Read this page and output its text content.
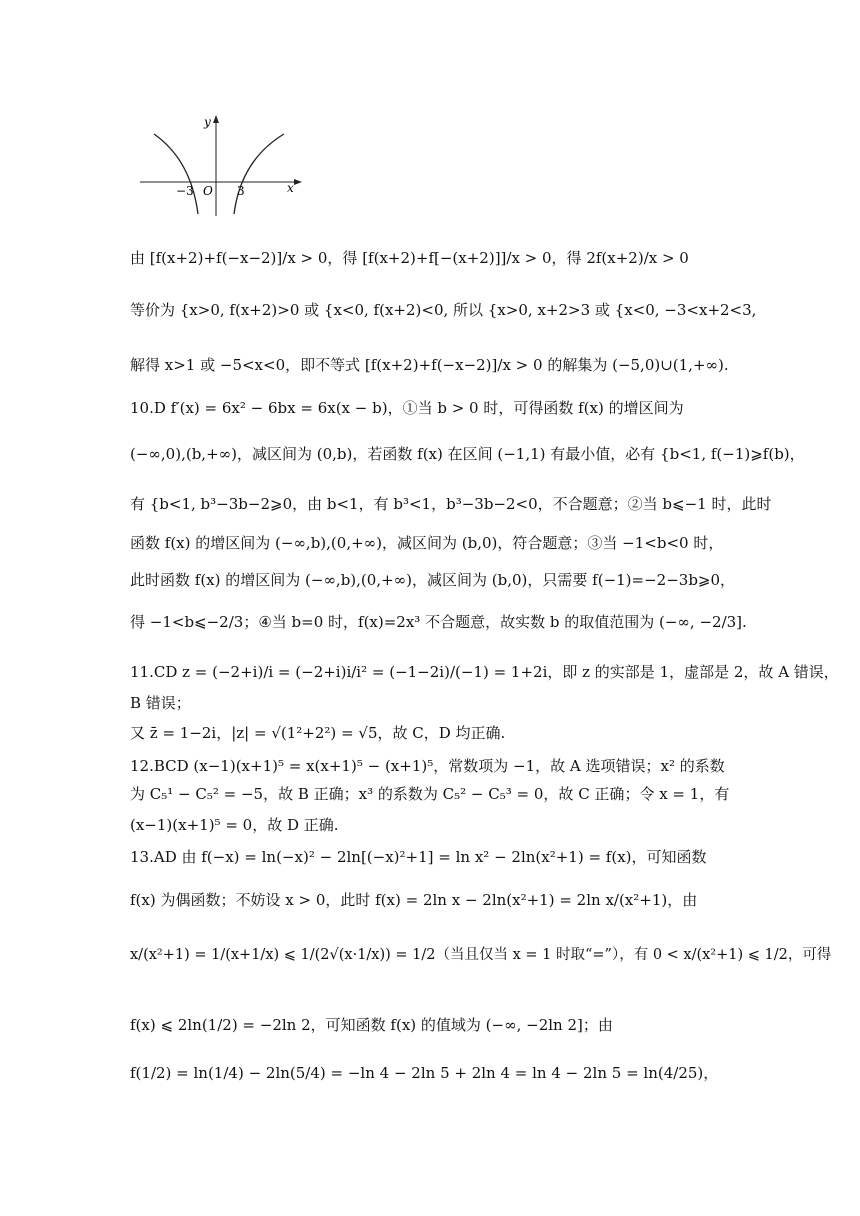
y
x
O
−3	3
由 [f(x+2)+f(−x−2)]/x > 0，得 [f(x+2)+f[−(x+2)]]/x > 0，得 2f(x+2)/x > 0
等价为 {x>0, f(x+2)>0 或 {x<0, f(x+2)<0, 所以 {x>0, x+2>3 或 {x<0, −3<x+2<3,
解得 x>1 或 −5<x<0，即不等式 [f(x+2)+f(−x−2)]/x > 0 的解集为 (−5,0)∪(1,+∞).
10.D f′(x) = 6x² − 6bx = 6x(x − b)，①当 b > 0 时，可得函数 f(x) 的增区间为
(−∞,0),(b,+∞)，减区间为 (0,b)，若函数 f(x) 在区间 (−1,1) 有最小值，必有 {b<1, f(−1)⩾f(b)，
有 {b<1, b³−3b−2⩾0，由 b<1，有 b³<1，b³−3b−2<0，不合题意；②当 b⩽−1 时，此时
函数 f(x) 的增区间为 (−∞,b),(0,+∞)，减区间为 (b,0)，符合题意；③当 −1<b<0 时，
此时函数 f(x) 的增区间为 (−∞,b),(0,+∞)，减区间为 (b,0)，只需要 f(−1)=−2−3b⩾0，
得 −1<b⩽−2/3；④当 b=0 时，f(x)=2x³ 不合题意，故实数 b 的取值范围为 (−∞, −2/3].
11.CD z = (−2+i)/i = (−2+i)i/i² = (−1−2i)/(−1) = 1+2i，即 z 的实部是 1，虚部是 2，故 A 错误，
B 错误；
又 z̄ = 1−2i，|z| = √(1²+2²) = √5，故 C，D 均正确.
12.BCD (x−1)(x+1)⁵ = x(x+1)⁵ − (x+1)⁵，常数项为 −1，故 A 选项错误；x² 的系数
为 C₅¹ − C₅² = −5，故 B 正确；x³ 的系数为 C₅² − C₅³ = 0，故 C 正确；令 x = 1，有
(x−1)(x+1)⁵ = 0，故 D 正确.
13.AD 由 f(−x) = ln(−x)² − 2ln[(−x)²+1] = ln x² − 2ln(x²+1) = f(x)，可知函数
f(x) 为偶函数；不妨设 x > 0，此时 f(x) = 2ln x − 2ln(x²+1) = 2ln x/(x²+1)，由
x/(x²+1) = 1/(x+1/x) ⩽ 1/(2√(x·1/x)) = 1/2（当且仅当 x = 1 时取“=”），有 0 < x/(x²+1) ⩽ 1/2，可得
f(x) ⩽ 2ln(1/2) = −2ln 2，可知函数 f(x) 的值域为 (−∞, −2ln 2]；由
f(1/2) = ln(1/4) − 2ln(5/4) = −ln 4 − 2ln 5 + 2ln 4 = ln 4 − 2ln 5 = ln(4/25)，
